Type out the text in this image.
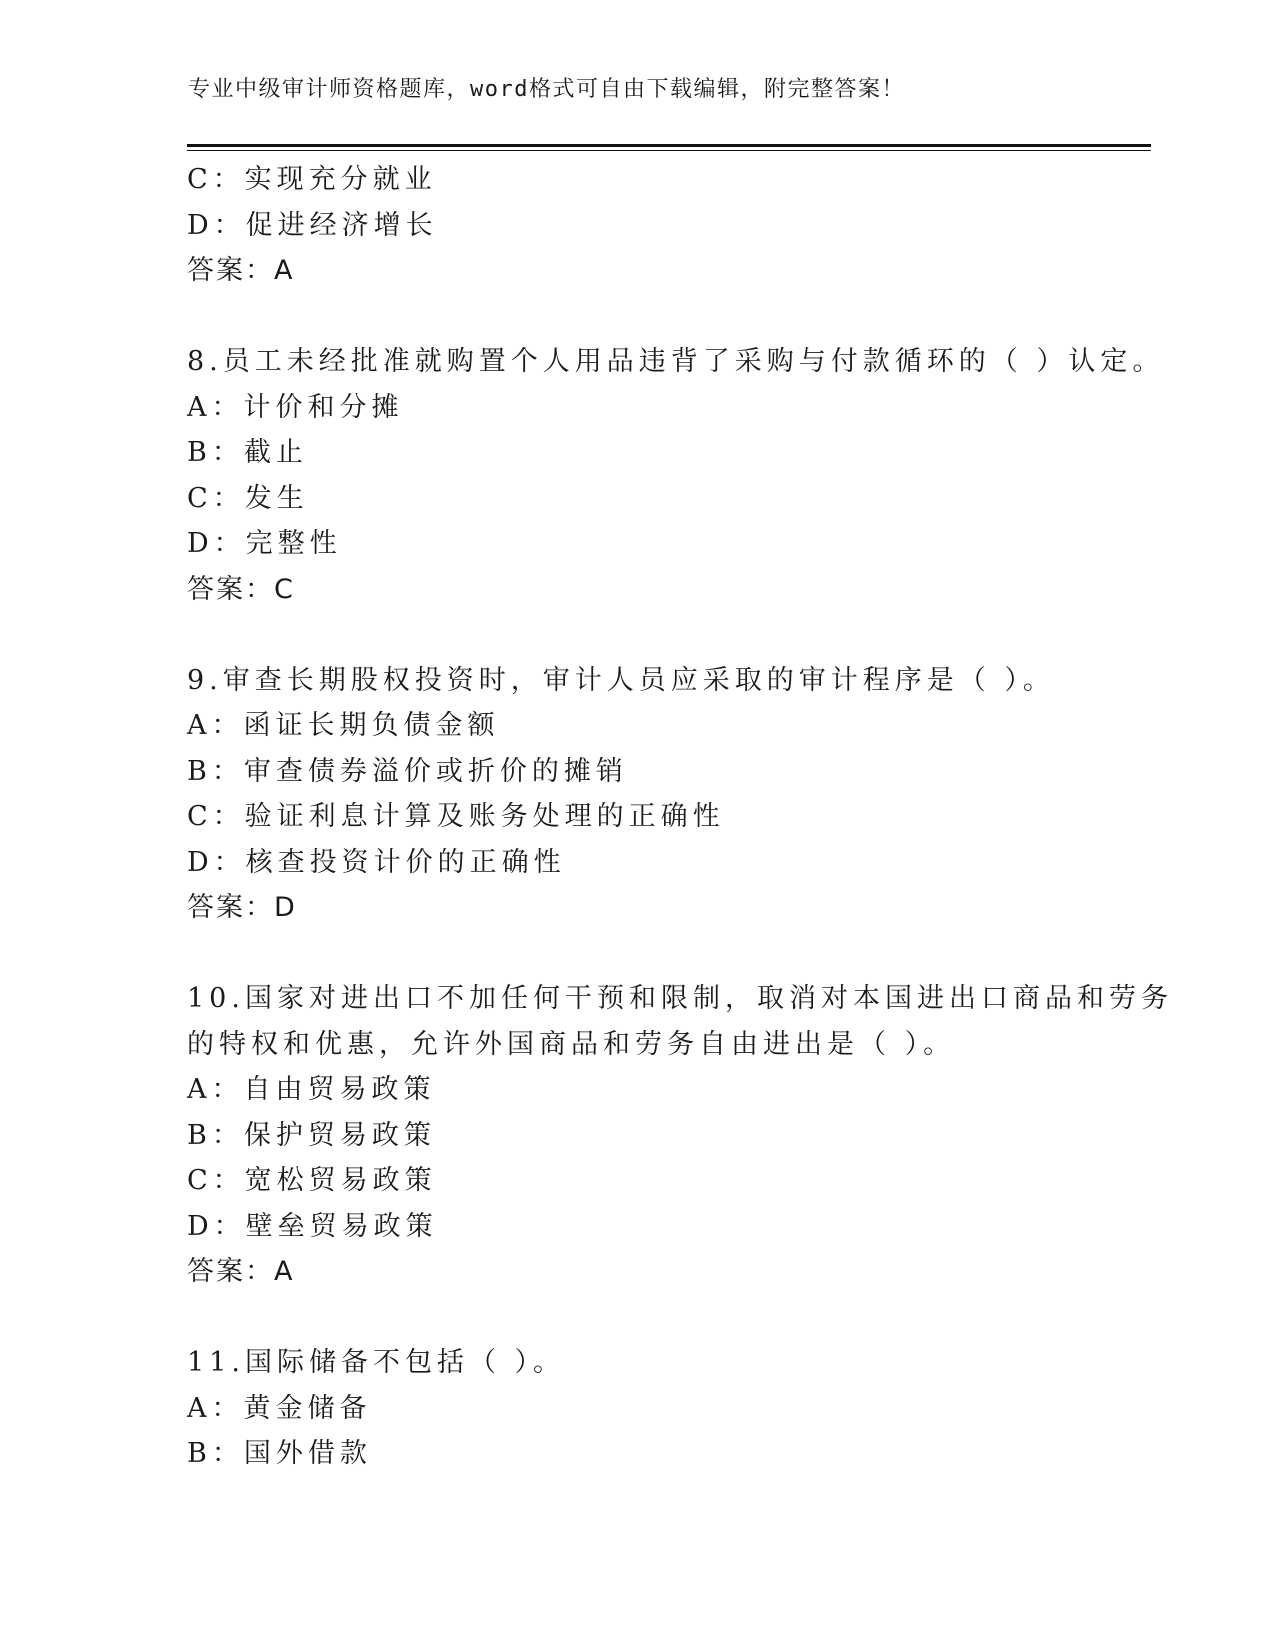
专业中级审计师资格题库，word格式可自由下载编辑，附完整答案！
C：实现充分就业
D：促进经济增长
答案：A
8.员工未经批准就购置个人用品违背了采购与付款循环的（ ）认定。
A：计价和分摊
B：截止
C：发生
D：完整性
答案：C
9.审查长期股权投资时，审计人员应采取的审计程序是（ ）。
A：函证长期负债金额
B：审查债券溢价或折价的摊销
C：验证利息计算及账务处理的正确性
D：核查投资计价的正确性
答案：D
10.国家对进出口不加任何干预和限制，取消对本国进出口商品和劳务
的特权和优惠，允许外国商品和劳务自由进出是（ ）。
A：自由贸易政策
B：保护贸易政策
C：宽松贸易政策
D：壁垒贸易政策
答案：A
11.国际储备不包括（ ）。
A：黄金储备
B：国外借款
